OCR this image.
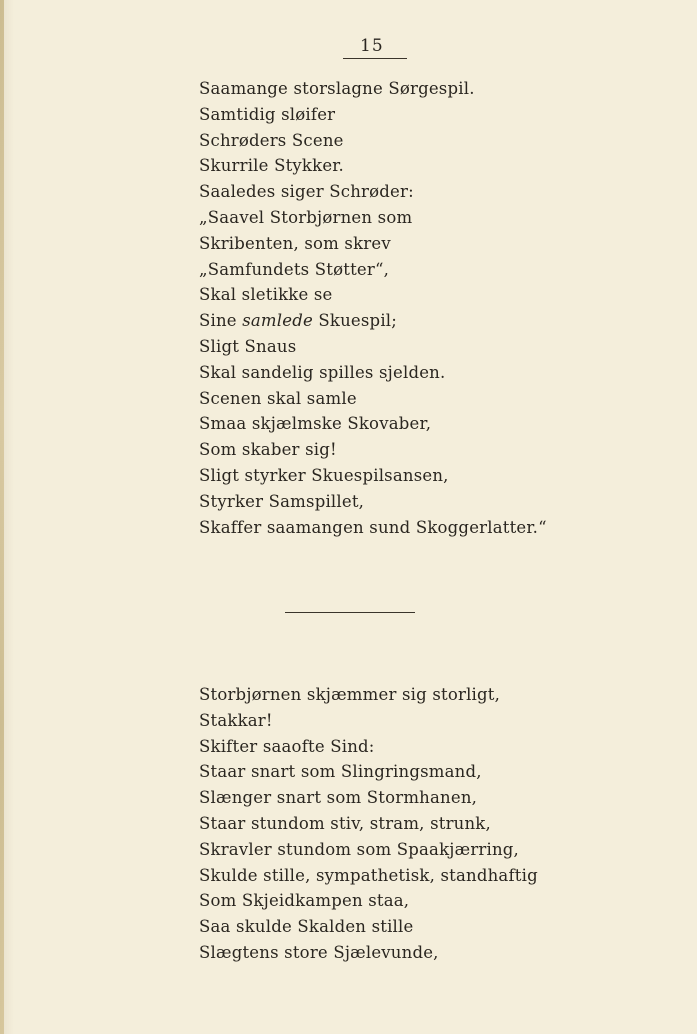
15
Saamange storslagne Sørgespil.
Samtidig sløifer
Schrøders Scene
Skurrile Stykker.
Saaledes siger Schrøder:
„Saavel Storbjørnen som
Skribenten, som skrev
„Samfundets Støtter“,
Skal sletikke se
Sine samlede Skuespil;
Sligt Snaus
Skal sandelig spilles sjelden.
Scenen skal samle
Smaa skjælmske Skovaber,
Som skaber sig!
Sligt styrker Skuespilsansen,
Styrker Samspillet,
Skaffer saamangen sund Skoggerlatter.“
Storbjørnen skjæmmer sig storligt,
Stakkar!
Skifter saaofte Sind:
Staar snart som Slingringsmand,
Slænger snart som Stormhanen,
Staar stundom stiv, stram, strunk,
Skravler stundom som Spaakjærring,
Skulde stille, sympathetisk, standhaftig
Som Skjeidkampen staa,
Saa skulde Skalden stille
Slægtens store Sjælevunde,
